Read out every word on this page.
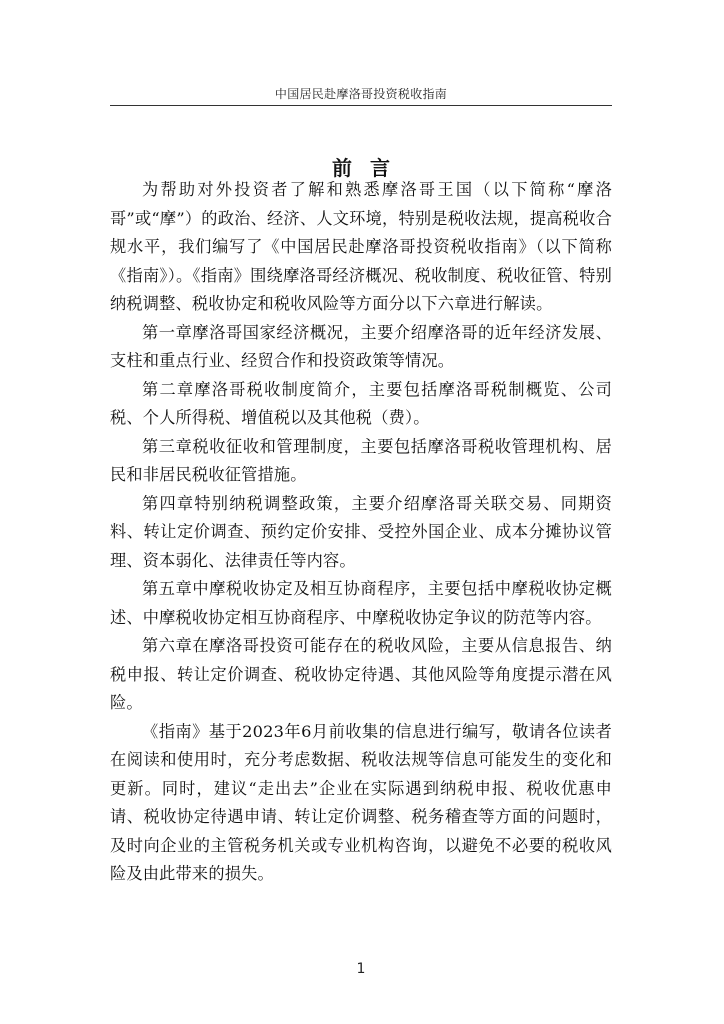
中国居民赴摩洛哥投资税收指南
前言

为帮助对外投资者了解和熟悉摩洛哥王国（以下简称“摩洛哥”或“摩”）的政治、经济、人文环境，特别是税收法规，提高税收合规水平，我们编写了《中国居民赴摩洛哥投资税收指南》（以下简称《指南》）。《指南》围绕摩洛哥经济概况、税收制度、税收征管、特别纳税调整、税收协定和税收风险等方面分以下六章进行解读。

第一章摩洛哥国家经济概况，主要介绍摩洛哥的近年经济发展、支柱和重点行业、经贸合作和投资政策等情况。

第二章摩洛哥税收制度简介，主要包括摩洛哥税制概览、公司税、个人所得税、增值税以及其他税（费）。

第三章税收征收和管理制度，主要包括摩洛哥税收管理机构、居民和非居民税收征管措施。

第四章特别纳税调整政策，主要介绍摩洛哥关联交易、同期资料、转让定价调查、预约定价安排、受控外国企业、成本分摊协议管理、资本弱化、法律责任等内容。

第五章中摩税收协定及相互协商程序，主要包括中摩税收协定概述、中摩税收协定相互协商程序、中摩税收协定争议的防范等内容。

第六章在摩洛哥投资可能存在的税收风险，主要从信息报告、纳税申报、转让定价调查、税收协定待遇、其他风险等角度提示潜在风险。

《指南》基于2023年6月前收集的信息进行编写，敬请各位读者在阅读和使用时，充分考虑数据、税收法规等信息可能发生的变化和更新。同时，建议“走出去”企业在实际遇到纳税申报、税收优惠申请、税收协定待遇申请、转让定价调整、税务稽查等方面的问题时，及时向企业的主管税务机关或专业机构咨询，以避免不必要的税收风险及由此带来的损失。

1
